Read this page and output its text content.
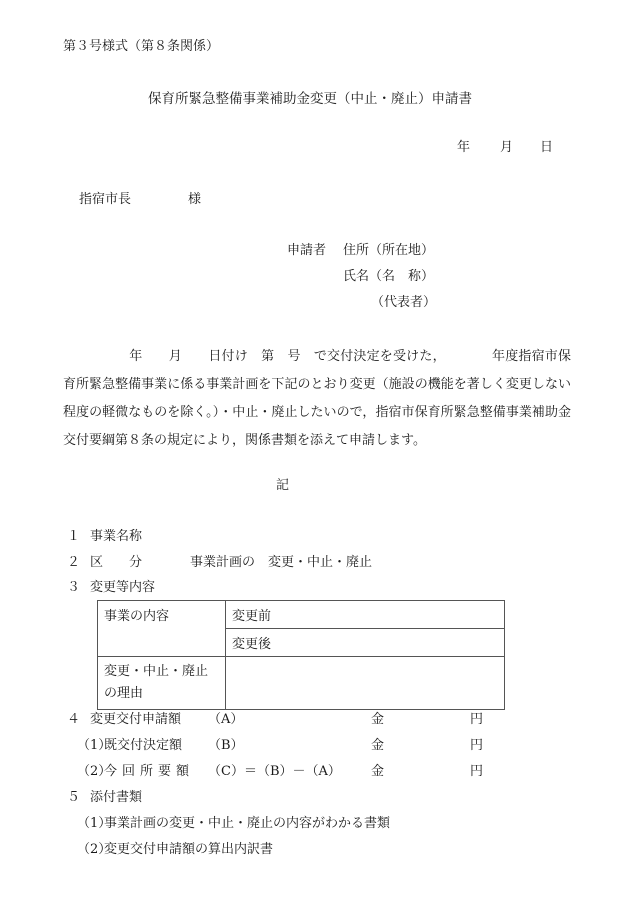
第３号様式（第８条関係）
保育所緊急整備事業補助金変更（中止・廃止）申請書
年 月 日
指宿市長	様
申請者 住所（所在地）
氏名（名　称）
（代表者）
年　　月　　日付け　第　号　で交付決定を受けた，　　　　年度指宿市保育所緊急整備事業に係る事業計画を下記のとおり変更（施設の機能を著しく変更しない程度の軽微なものを除く。）・中止・廃止したいので，指宿市保育所緊急整備事業補助金交付要綱第８条の規定により，関係書類を添えて申請します。
記
１ 事業名称
２ 区　　分	事業計画の　変更・中止・廃止
３ 変更等内容
事業の内容	変更前
	変更後
変更・中止・廃止
の理由	
４ 変更交付申請額 （A）	金	円
（1）
既交付決定額 （B）	金	円
（2）
今回所要額 （C）＝（B）－（A） 金	円
５ 添付書類
（1）
事業計画の変更・中止・廃止の内容がわかる書類
（2）
変更交付申請額の算出内訳書
